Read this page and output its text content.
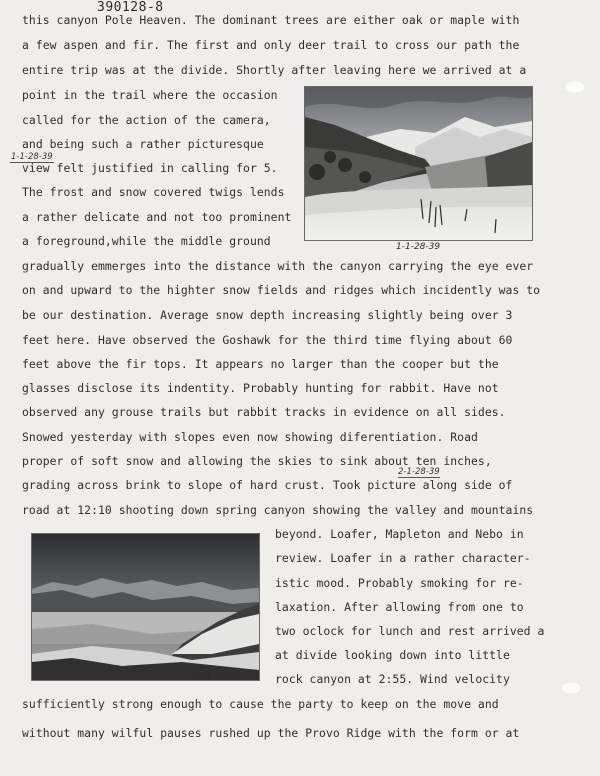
390128-8
this canyon Pole Heaven. The dominant trees are either oak or maple with
a few aspen and fir. The first and only deer trail to cross our path the
entire trip was at the divide. Shortly after leaving here we arrived at a
point in the trail where the occasion
called for the action of the camera,
and being such a rather picturesque
view felt justified in calling for 5.
The frost and snow covered twigs lends
a rather delicate and not too prominent
a foreground,while the middle ground
gradually emmerges into the distance with the canyon carrying the eye ever
on and upward to the highter snow fields and ridges which incidently was to
be our destination. Average snow depth increasing slightly being over 3
feet here. Have observed the Goshawk for the third time flying about 60
feet above the fir tops. It appears no larger than the cooper but the
glasses disclose its indentity. Probably hunting for rabbit. Have not
observed any grouse trails but rabbit tracks in evidence on all sides.
Snowed yesterday with slopes even now showing diferentiation. Road
proper of soft snow and allowing the skies to sink about ten inches,
grading across brink to slope of hard crust. Took picture along side of
road at 12:10 shooting down spring canyon showing the valley and mountains
beyond. Loafer, Mapleton and Nebo in
review. Loafer in a rather character-
istic mood. Probably smoking for re-
laxation. After allowing from one to
two oclock for lunch and rest arrived a
at divide looking down into little
rock canyon at 2:55. Wind velocity
sufficiently strong enough to cause the party to keep on the move and
without many wilful pauses rushed up the Provo Ridge with the form or at
1-1-28-39
2-1-28-39
1-1-28-39
2-1-28-39
